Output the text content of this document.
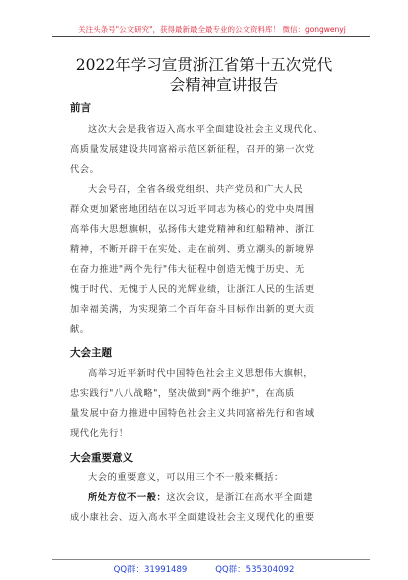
关注头条号"公文研究"，获得最新最全最专业的公文资料库！ 微信：gongwenyj
2022年学习宣贯浙江省第十五次党代
会精神宣讲报告
前言
这次大会是我省迈入高水平全面建设社会主义现代化、
高质量发展建设共同富裕示范区新征程，召开的第一次党
代会。
大会号召，全省各级党组织、共产党员和广大人民
群众更加紧密地团结在以习近平同志为核心的党中央周围
高举伟大思想旗帜，弘扬伟大建党精神和红船精神、浙江
精神，不断开辟干在实处、走在前列、勇立潮头的新境界
在奋力推进"两个先行"伟大征程中创造无愧于历史、无
愧于时代、无愧于人民的光辉业绩，让浙江人民的生活更
加幸福美满，为实现第二个百年奋斗目标作出新的更大贡
献。
大会主题
高举习近平新时代中国特色社会主义思想伟大旗帜，
忠实践行"八八战略"，坚决做到"两个维护"，在高质
量发展中奋力推进中国特色社会主义共同富裕先行和省域
现代化先行！
大会重要意义
大会的重要意义，可以用三个不一般来概括：
所处方位不一般：这次会议，是浙江在高水平全面建
成小康社会、迈入高水平全面建设社会主义现代化的重要
QQ群：31991489	QQ群：535304092
